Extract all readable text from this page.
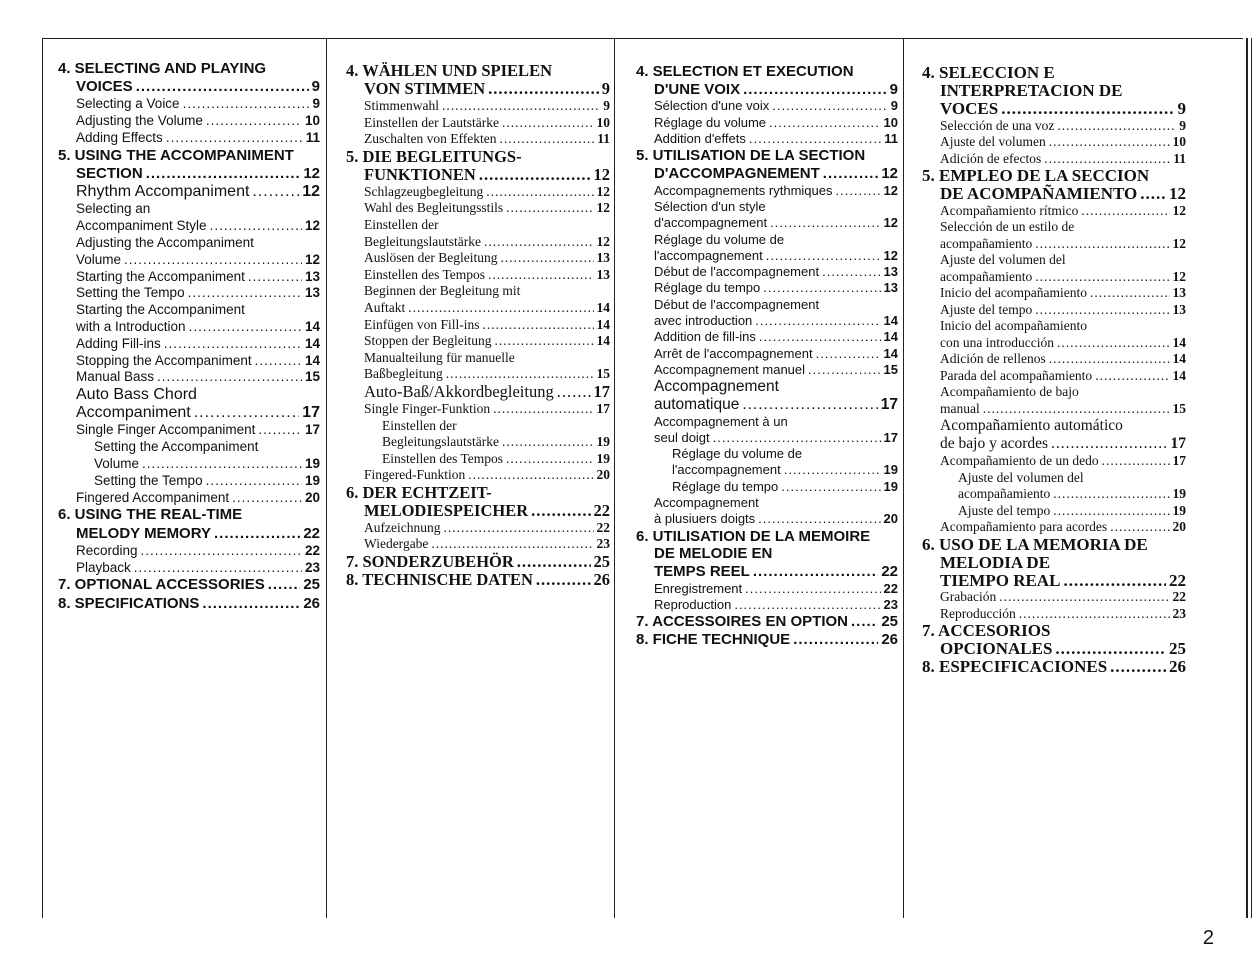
4. SELECTING AND PLAYING
VOICES .....	9
Selecting a Voice .....	9
Adjusting the Volume .....	10
Adding Effects .....	11
5. USING THE ACCOMPANIMENT
SECTION .....	12
Rhythm Accompaniment .....	12
Selecting an
Accompaniment Style .....	12
Adjusting the Accompaniment
Volume .....	12
Starting the Accompaniment .....	13
Setting the Tempo .....	13
Starting the Accompaniment
with a Introduction .....	14
Adding Fill-ins .....	14
Stopping the Accompaniment .....	14
Manual Bass .....	15
Auto Bass Chord
Accompaniment .....	17
Single Finger Accompaniment .....	17
Setting the Accompaniment
Volume .....	19
Setting the Tempo .....	19
Fingered Accompaniment .....	20
6. USING THE REAL-TIME
MELODY MEMORY .....	22
Recording .....	22
Playback .....	23
7. OPTIONAL ACCESSORIES .....	25
8. SPECIFICATIONS .....	26
4. WÄHLEN UND SPIELEN
VON STIMMEN .....	9
Stimmenwahl .....	9
Einstellen der Lautstärke .....	10
Zuschalten von Effekten .....	11
5. DIE BEGLEITUNGS-
FUNKTIONEN .....	12
Schlagzeugbegleitung .....	12
Wahl des Begleitungsstils .....	12
Einstellen der
Begleitungslautstärke .....	12
Auslösen der Begleitung .....	13
Einstellen des Tempos .....	13
Beginnen der Begleitung mit
Auftakt .....	14
Einfügen von Fill-ins .....	14
Stoppen der Begleitung .....	14
Manualteilung für manuelle
Baßbegleitung .....	15
Auto-Baß/Akkordbegleitung ..... 17
Single Finger-Funktion .....	17
Einstellen der
Begleitungslautstärke .....	19
Einstellen des Tempos .....	19
Fingered-Funktion .....	20
6. DER ECHTZEIT-
MELODIESPEICHER .....	22
Aufzeichnung .....	22
Wiedergabe .....	23
7. SONDERZUBEHÖR .....	25
8. TECHNISCHE DATEN .....	26
4. SELECTION ET EXECUTION
D'UNE VOIX .....	9
Sélection d'une voix .....	9
Réglage du volume .....	10
Addition d'effets .....	11
5. UTILISATION DE LA SECTION
D'ACCOMPAGNEMENT .....	12
Accompagnements rythmiques .....	12
Sélection d'un style
d'accompagnement .....	12
Réglage du volume de
l'accompagnement .....	12
Début de l'accompagnement .....	13
Réglage du tempo .....	13
Début de l'accompagnement
avec introduction .....	14
Addition de fill-ins .....	14
Arrêt de l'accompagnement .....	14
Accompagnement manuel .....	15
Accompagnement
automatique .....	17
Accompagnement à un
seul doigt .....	17
Réglage du volume de
l'accompagnement .....	19
Réglage du tempo .....	19
Accompagnement
à plusiuers doigts .....	20
6. UTILISATION DE LA MEMOIRE
DE MELODIE EN
TEMPS REEL .....	22
Enregistrement .....	22
Reproduction .....	23
7. ACCESSOIRES EN OPTION ..... 25
8. FICHE TECHNIQUE .....	26
4. SELECCION E
INTERPRETACION DE
VOCES .....	9
Selección de una voz .....	9
Ajuste del volumen .....	10
Adición de efectos .....	11
5. EMPLEO DE LA SECCION
DE ACOMPAÑAMIENTO ..... 12
Acompañamiento rítmico .....	12
Selección de un estilo de
acompañamiento .....	12
Ajuste del volumen del
acompañamiento .....	12
Inicio del acompañamiento .....	13
Ajuste del tempo .....	13
Inicio del acompañamiento
con una introducción .....	14
Adición de rellenos .....	14
Parada del acompañamiento .....	14
Acompañamiento de bajo
manual .....	15
Acompañamiento automático
de bajo y acordes .....	17
Acompañamiento de un dedo .....	17
Ajuste del volumen del
acompañamiento .....	19
Ajuste del tempo .....	19
Acompañamiento para acordes .....	20
6. USO DE LA MEMORIA DE
MELODIA DE
TIEMPO REAL .....	22
Grabación .....	22
Reproducción .....	23
7. ACCESORIOS
OPCIONALES .....	25
8. ESPECIFICACIONES .....	26
2
